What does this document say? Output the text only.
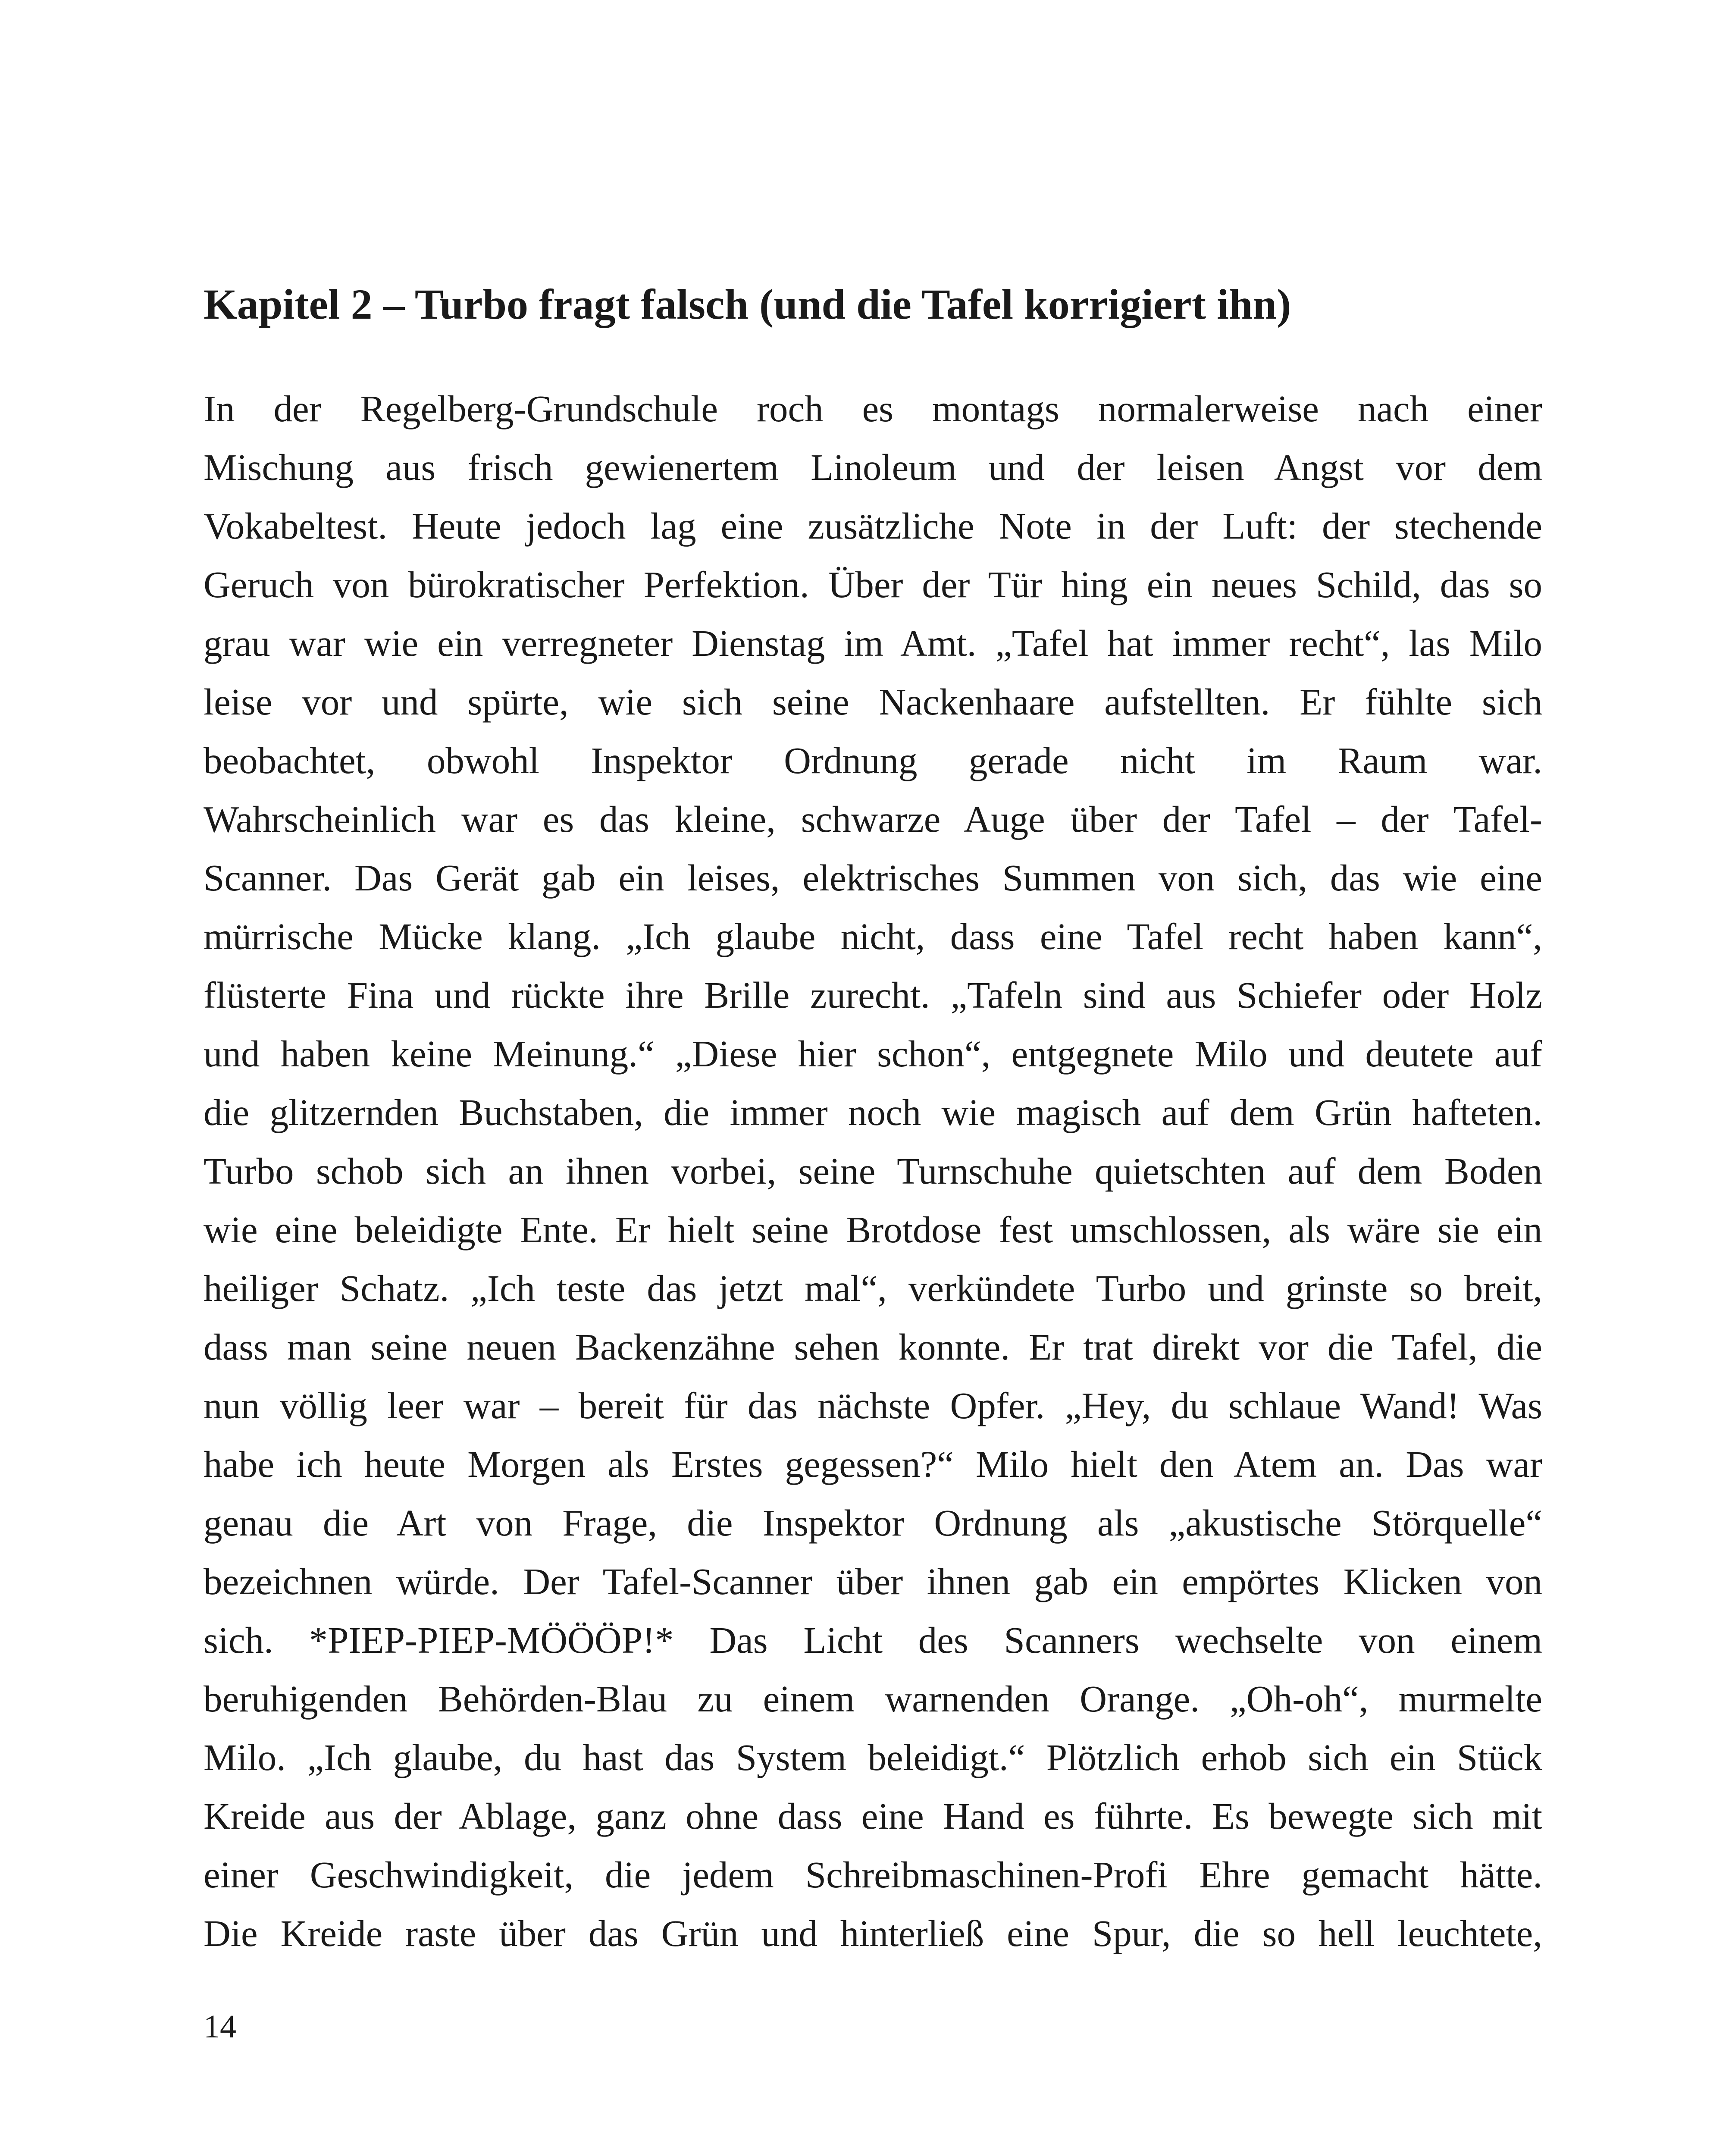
Kapitel 2 – Turbo fragt falsch (und die Tafel korrigiert ihn)
In der Regelberg-Grundschule roch es montags normalerweise nach einer
Mischung aus frisch gewienertem Linoleum und der leisen Angst vor dem
Vokabeltest. Heute jedoch lag eine zusätzliche Note in der Luft: der stechende
Geruch von bürokratischer Perfektion. Über der Tür hing ein neues Schild, das so
grau war wie ein verregneter Dienstag im Amt. „Tafel hat immer recht“, las Milo
leise vor und spürte, wie sich seine Nackenhaare aufstellten. Er fühlte sich
beobachtet, obwohl Inspektor Ordnung gerade nicht im Raum war.
Wahrscheinlich war es das kleine, schwarze Auge über der Tafel – der Tafel-
Scanner. Das Gerät gab ein leises, elektrisches Summen von sich, das wie eine
mürrische Mücke klang. „Ich glaube nicht, dass eine Tafel recht haben kann“,
flüsterte Fina und rückte ihre Brille zurecht. „Tafeln sind aus Schiefer oder Holz
und haben keine Meinung.“ „Diese hier schon“, entgegnete Milo und deutete auf
die glitzernden Buchstaben, die immer noch wie magisch auf dem Grün hafteten.
Turbo schob sich an ihnen vorbei, seine Turnschuhe quietschten auf dem Boden
wie eine beleidigte Ente. Er hielt seine Brotdose fest umschlossen, als wäre sie ein
heiliger Schatz. „Ich teste das jetzt mal“, verkündete Turbo und grinste so breit,
dass man seine neuen Backenzähne sehen konnte. Er trat direkt vor die Tafel, die
nun völlig leer war – bereit für das nächste Opfer. „Hey, du schlaue Wand! Was
habe ich heute Morgen als Erstes gegessen?“ Milo hielt den Atem an. Das war
genau die Art von Frage, die Inspektor Ordnung als „akustische Störquelle“
bezeichnen würde. Der Tafel-Scanner über ihnen gab ein empörtes Klicken von
sich. *PIEP-PIEP-MÖÖÖP!* Das Licht des Scanners wechselte von einem
beruhigenden Behörden-Blau zu einem warnenden Orange. „Oh-oh“, murmelte
Milo. „Ich glaube, du hast das System beleidigt.“ Plötzlich erhob sich ein Stück
Kreide aus der Ablage, ganz ohne dass eine Hand es führte. Es bewegte sich mit
einer Geschwindigkeit, die jedem Schreibmaschinen-Profi Ehre gemacht hätte.
Die Kreide raste über das Grün und hinterließ eine Spur, die so hell leuchtete,

14
